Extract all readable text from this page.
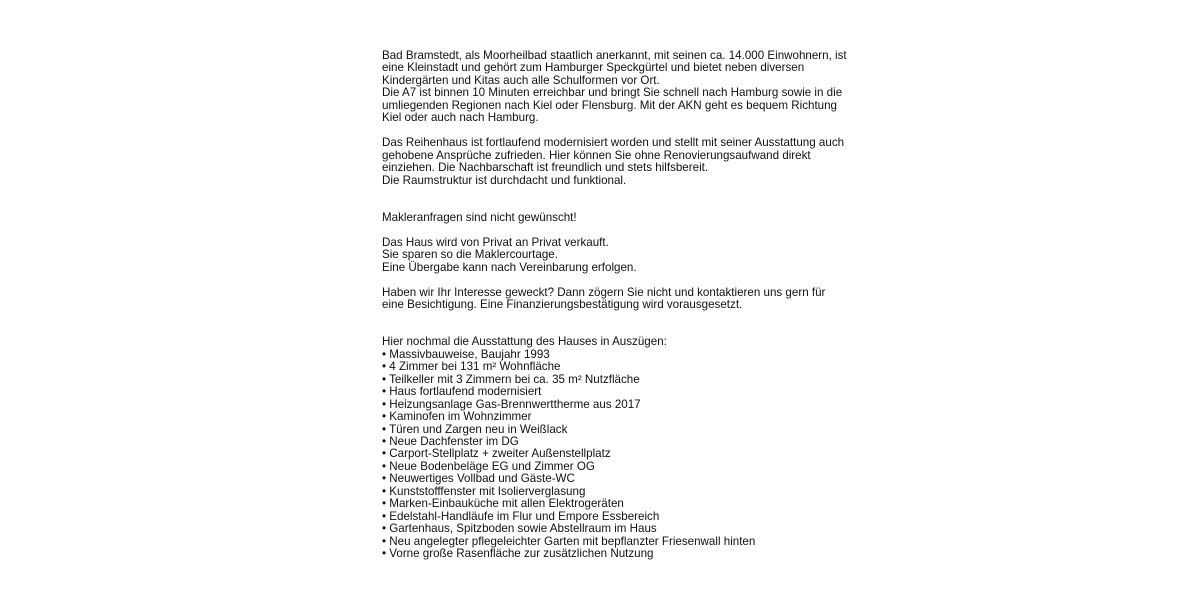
Bad Bramstedt, als Moorheilbad staatlich anerkannt, mit seinen ca. 14.000 Einwohnern, ist
eine Kleinstadt und gehört zum Hamburger Speckgürtel und bietet neben diversen
Kindergärten und Kitas auch alle Schulformen vor Ort.
Die A7 ist binnen 10 Minuten erreichbar und bringt Sie schnell nach Hamburg sowie in die
umliegenden Regionen nach Kiel oder Flensburg. Mit der AKN geht es bequem Richtung
Kiel oder auch nach Hamburg.
Das Reihenhaus ist fortlaufend modernisiert worden und stellt mit seiner Ausstattung auch
gehobene Ansprüche zufrieden. Hier können Sie ohne Renovierungsaufwand direkt
einziehen. Die Nachbarschaft ist freundlich und stets hilfsbereit.
Die Raumstruktur ist durchdacht und funktional.
Makleranfragen sind nicht gewünscht!
Das Haus wird von Privat an Privat verkauft.
Sie sparen so die Maklercourtage.
Eine Übergabe kann nach Vereinbarung erfolgen.
Haben wir Ihr Interesse geweckt? Dann zögern Sie nicht und kontaktieren uns gern für
eine Besichtigung. Eine Finanzierungsbestätigung wird vorausgesetzt.
Hier nochmal die Ausstattung des Hauses in Auszügen:
• Massivbauweise, Baujahr 1993
• 4 Zimmer bei 131 m² Wohnfläche
• Teilkeller mit 3 Zimmern bei ca. 35 m² Nutzfläche
• Haus fortlaufend modernisiert
• Heizungsanlage Gas-Brennwerttherme aus 2017
• Kaminofen im Wohnzimmer
• Türen und Zargen neu in Weißlack
• Neue Dachfenster im DG
• Carport-Stellplatz + zweiter Außenstellplatz
• Neue Bodenbeläge EG und Zimmer OG
• Neuwertiges Vollbad und Gäste-WC
• Kunststofffenster mit Isolierverglasung
• Marken-Einbauküche mit allen Elektrogeräten
• Edelstahl-Handläufe im Flur und Empore Essbereich
• Gartenhaus, Spitzboden sowie Abstellraum im Haus
• Neu angelegter pflegeleichter Garten mit bepflanzter Friesenwall hinten
• Vorne große Rasenfläche zur zusätzlichen Nutzung
